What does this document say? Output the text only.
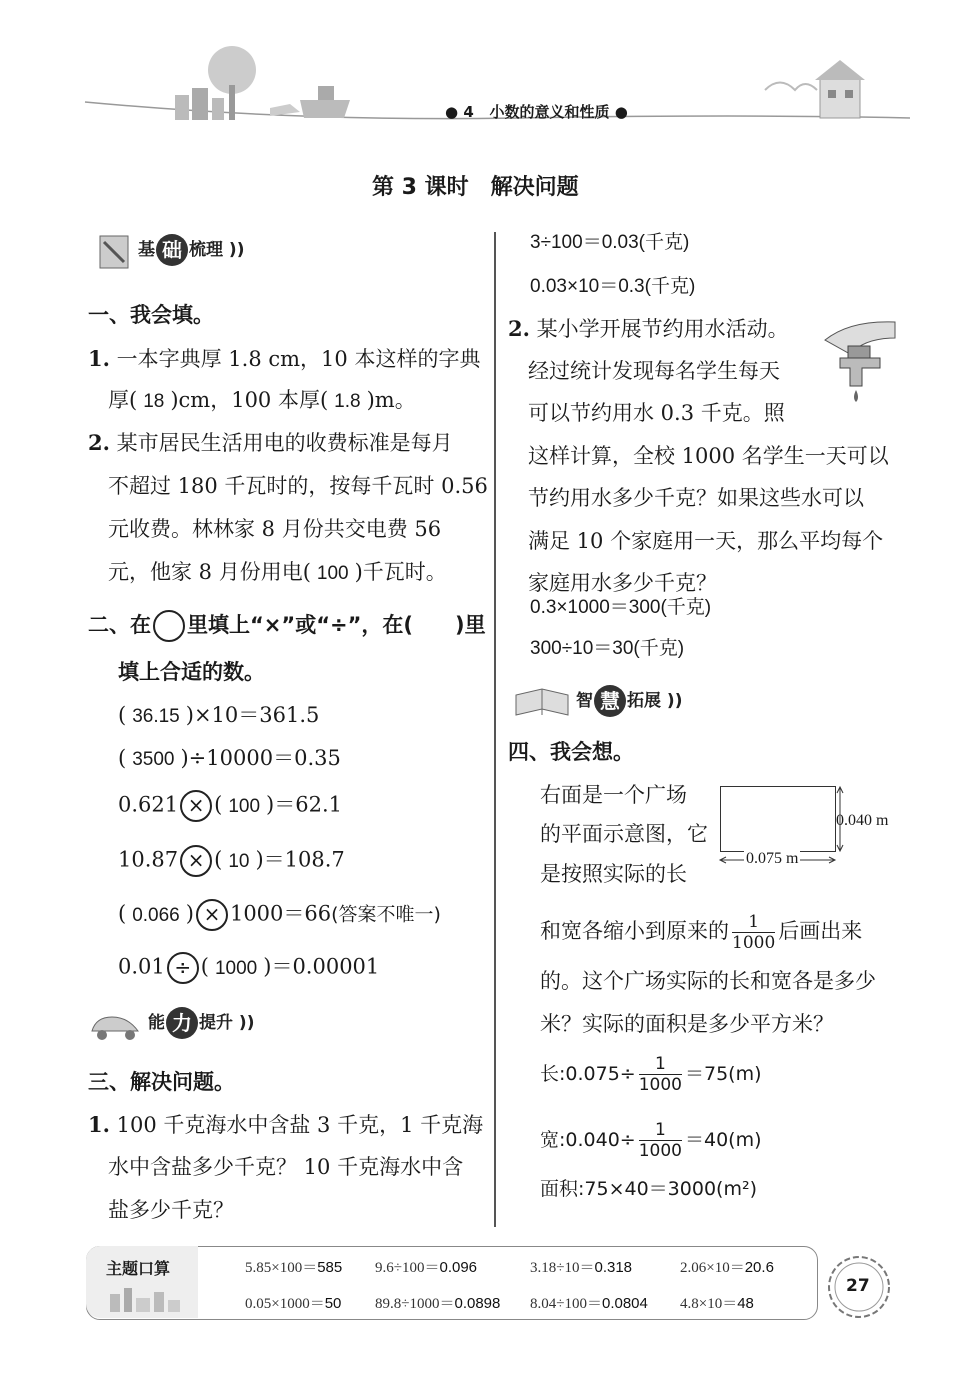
● 4 小数的意义和性质 ●
第 3 课时　解决问题
基 础 梳理 ))
一、我会填。
1. 一本字典厚 1.8 cm，10 本这样的字典
厚( 18 )cm，100 本厚( 1.8 )m。
2. 某市居民生活用电的收费标准是每月
不超过 180 千瓦时的，按每千瓦时 0.56
元收费。林林家 8 月份共交电费 56
元，他家 8 月份用电( 100 )千瓦时。
二、在 里填上“×”或“÷”，在(　　)里
填上合适的数。
( 36.15 )×10＝361.5
( 3500 )÷10000＝0.35
0.621 × ( 100 )＝62.1
10.87 × ( 10 )＝108.7
( 0.066 ) × 1000＝66(答案不唯一)
0.01 ÷ ( 1000 )＝0.00001
能 力 提升 ))
三、解决问题。
1. 100 千克海水中含盐 3 千克，1 千克海
水中含盐多少千克？ 10 千克海水中含
盐多少千克？
3÷100＝0.03(千克)
0.03×10＝0.3(千克)
2. 某小学开展节约用水活动。
经过统计发现每名学生每天
可以节约用水 0.3 千克。照
这样计算，全校 1000 名学生一天可以
节约用水多少千克？如果这些水可以
满足 10 个家庭用一天，那么平均每个
家庭用水多少千克？
0.3×1000＝300(千克)
300÷10＝30(千克)
智 慧 拓展 ))
四、我会想。
右面是一个广场
的平面示意图，它
是按照实际的长
0.040 m
0.075 m
和宽各缩小到原来的 $\frac{1}{1000}$ 后画出来
的。这个广场实际的长和宽各是多少
米？实际的面积是多少平方米？
长:0.075÷ $\frac{1}{1000} =75(m)$
宽:0.040÷ $\frac{1}{1000} =40(m)$
面积:75×40＝3000(m²)
主题口算	5.85×100＝585 9.6÷100＝0.096	3.18÷10＝0.318	2.06×10＝20.6
0.05×1000＝50 89.8÷1000＝0.0898 8.04÷100＝0.0804 4.8×10＝48
27
